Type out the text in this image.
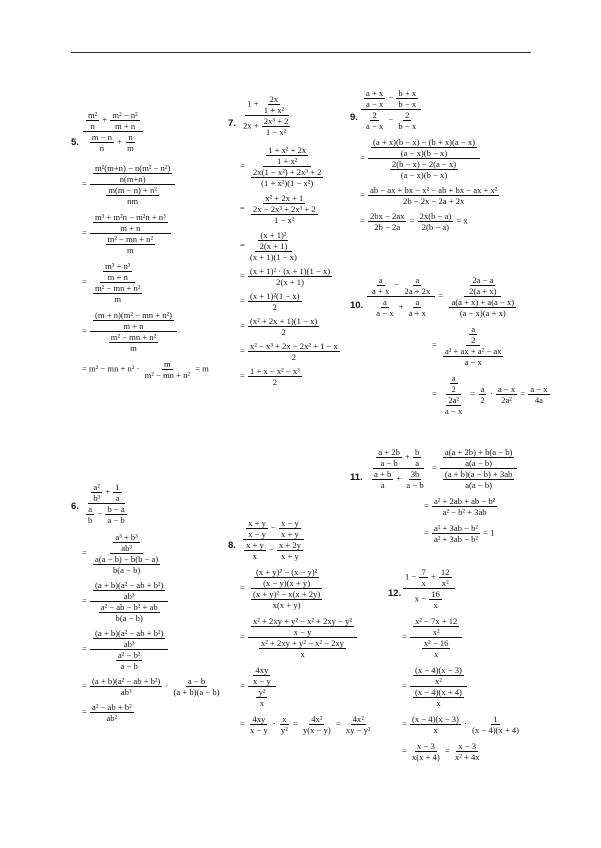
5. $\frac{\frac{\text{m²}}{n} + \frac{\text{m² − n²}}{m + n}}{\frac{m - n}{n} + \frac{n}{m}}$
= $\frac{\frac{\text{m²(m+n) − n(m² − n²)}}{n(m+n)}}{\frac{\text{m(m − n) + n²}}{nm}}$
= $\frac{\frac{\text{m³ + m²n − m²n + n³}}{m + n}}{\frac{\text{m² − mn + n²}}{m}}$
= $\frac{\frac{\text{m³ + n³}}{m + n}}{\frac{\text{m² − mn + n²}}{m}}$
= $\frac{\frac{\text{(m + n)(m² − mn + n²)}}{m + n}}{\frac{\text{m² − mn + n²}}{m}}$
= m² − mn + $n^2 \cdot \frac{m}{\text{m² − mn + n²}} = m$
6. $\frac{\frac{\text{a²}}{\text{b³}} + \frac{1}{a}}{\frac{a}{b} - \frac{b - a}{a - b}}$
= $\frac{\frac{\text{a³ + b³}}{\text{ab³}}}{\frac{a(a - b) - b(b - a)}{b(a - b)}}$
= $\frac{\frac{\text{(a + b)(a² − ab + b²)}}{\text{ab³}}}{\frac{\text{a² − ab − b² + ab}}{b(a - b)}}$
= $\frac{\frac{\text{(a + b)(a² − ab + b²)}}{\text{ab³}}}{\frac{\text{a² − b²}}{a - b}}$
= $\frac{\text{(a + b)(a² − ab + b²)}}{\text{ab³}} \cdot \frac{a - b}{(a + b)(a - b)}$
= $\frac{\text{a² − ab + b²}}{\text{ab²}}$
7. $\frac{1 + \frac{2x}{\text{1 + x²}}}{2x + \frac{\text{2x³ + 2}}{\text{1 − x²}}}$
= $\frac{\frac{\text{1 + x² + 2x}}{\text{1 + x²}}}{\frac{\text{2x(1 − x²) + 2x³ + 2}}{\text{(1 + x²)(1 − x²)}}}$
= $\frac{\text{x² + 2x + 1}}{\frac{\text{2x − 2x³ + 2x³ + 2}}{\text{1 − x²}}}$
= $\frac{\frac{\text{(x + 1)²}}{2(x + 1)}}{(x + 1)(1 - x)}$
= $\frac{\text{(x + 1)² · (x + 1)(1 − x)}}{2(x + 1)}$
= $\frac{\text{(x + 1)²(1 − x)}}{2}$
= $\frac{\text{(x² + 2x + 1)(1 − x)}}{2}$
= $\frac{\text{x² − x³ + 2x − 2x² + 1 − x}}{2}$
= $\frac{\text{1 + x − x² − x³}}{2}$
8. $\frac{\frac{x + y}{x - y} - \frac{x - y}{x + y}}{\frac{x + y}{x} - \frac{x + 2y}{x + y}}$
= $\frac{\frac{\text{(x + y)² − (x − y)²}}{(x - y)(x + y)}}{\frac{\text{(x + y)² − x(x + 2y)}}{x(x + y)}}$
= $\frac{\frac{\text{x² + 2xy + y² − x² + 2xy − y²}}{x - y}}{\frac{\text{x² + 2xy + y² − x² − 2xy}}{x}}$
= $\frac{\frac{4xy}{x - y}}{\frac{\text{y²}}{x}}$
= $\frac{4xy}{x - y} \cdot \frac{x}{\text{y²}} = \frac{\text{4x²}}{y(x - y)} = \frac{\text{4x²}}{\text{xy − y²}}$
9. $\frac{\frac{a + x}{a - x} - \frac{b + x}{b - x}}{\frac{2}{a - x} - \frac{2}{b - x}}$
= $\frac{\frac{(a + x)(b - x) - (b + x)(a - x)}{(a - x)(b - x)}}{\frac{2(b - x) - 2(a - x)}{(a - x)(b - x)}}$
= $\frac{\text{ab − ax + bx − x² − ab + bx − ax + x²}}{2b - 2x - 2a + 2x}$
= $\frac{2bx - 2ax}{2b - 2a} = \frac{2x(b - a)}{2(b - a)} = x$
10. $\frac{\frac{a}{a + x} - \frac{a}{2a + 2x}}{\frac{a}{a - x} + \frac{a}{a + x}} = \frac{\frac{2a - a}{2(a + x)}}{\frac{a(a + x) + a(a - x)}{(a - x)(a + x)}}$
= $\frac{\frac{a}{2}}{\frac{\text{a² + ax + a² − ax}}{a - x}}$
= $\frac{\frac{a}{2}}{\frac{\text{2a²}}{a - x}} = \frac{a}{2} \cdot \frac{a - x}{\text{2a²}} = \frac{a - x}{4a}$
11. $\frac{\frac{a + 2b}{a - b} + \frac{b}{a}}{\frac{a + b}{a} + \frac{3b}{a - b}} = \frac{\frac{a(a + 2b) + b(a - b)}{a(a - b)}}{\frac{(a + b)(a - b) + 3ab}{a(a - b)}}$
= $\frac{\text{a² + 2ab + ab − b²}}{\text{a² − b² + 3ab}}$
= $\frac{\text{a² + 3ab − b²}}{\text{a² + 3ab − b²}} = 1$
12. $\frac{1 - \frac{7}{x} + \frac{12}{\text{x²}}}{x - \frac{16}{x}}$
= $\frac{\frac{\text{x² − 7x + 12}}{\text{x²}}}{\frac{\text{x² − 16}}{x}}$
= $\frac{\frac{(x - 4)(x - 3)}{\text{x²}}}{\frac{(x - 4)(x + 4)}{x}}$
= $\frac{(x - 4)(x - 3)}{x} \cdot \frac{1}{(x - 4)(x + 4)}$
= $\frac{x - 3}{x(x + 4)} = \frac{x - 3}{\text{x² + 4x}}$
